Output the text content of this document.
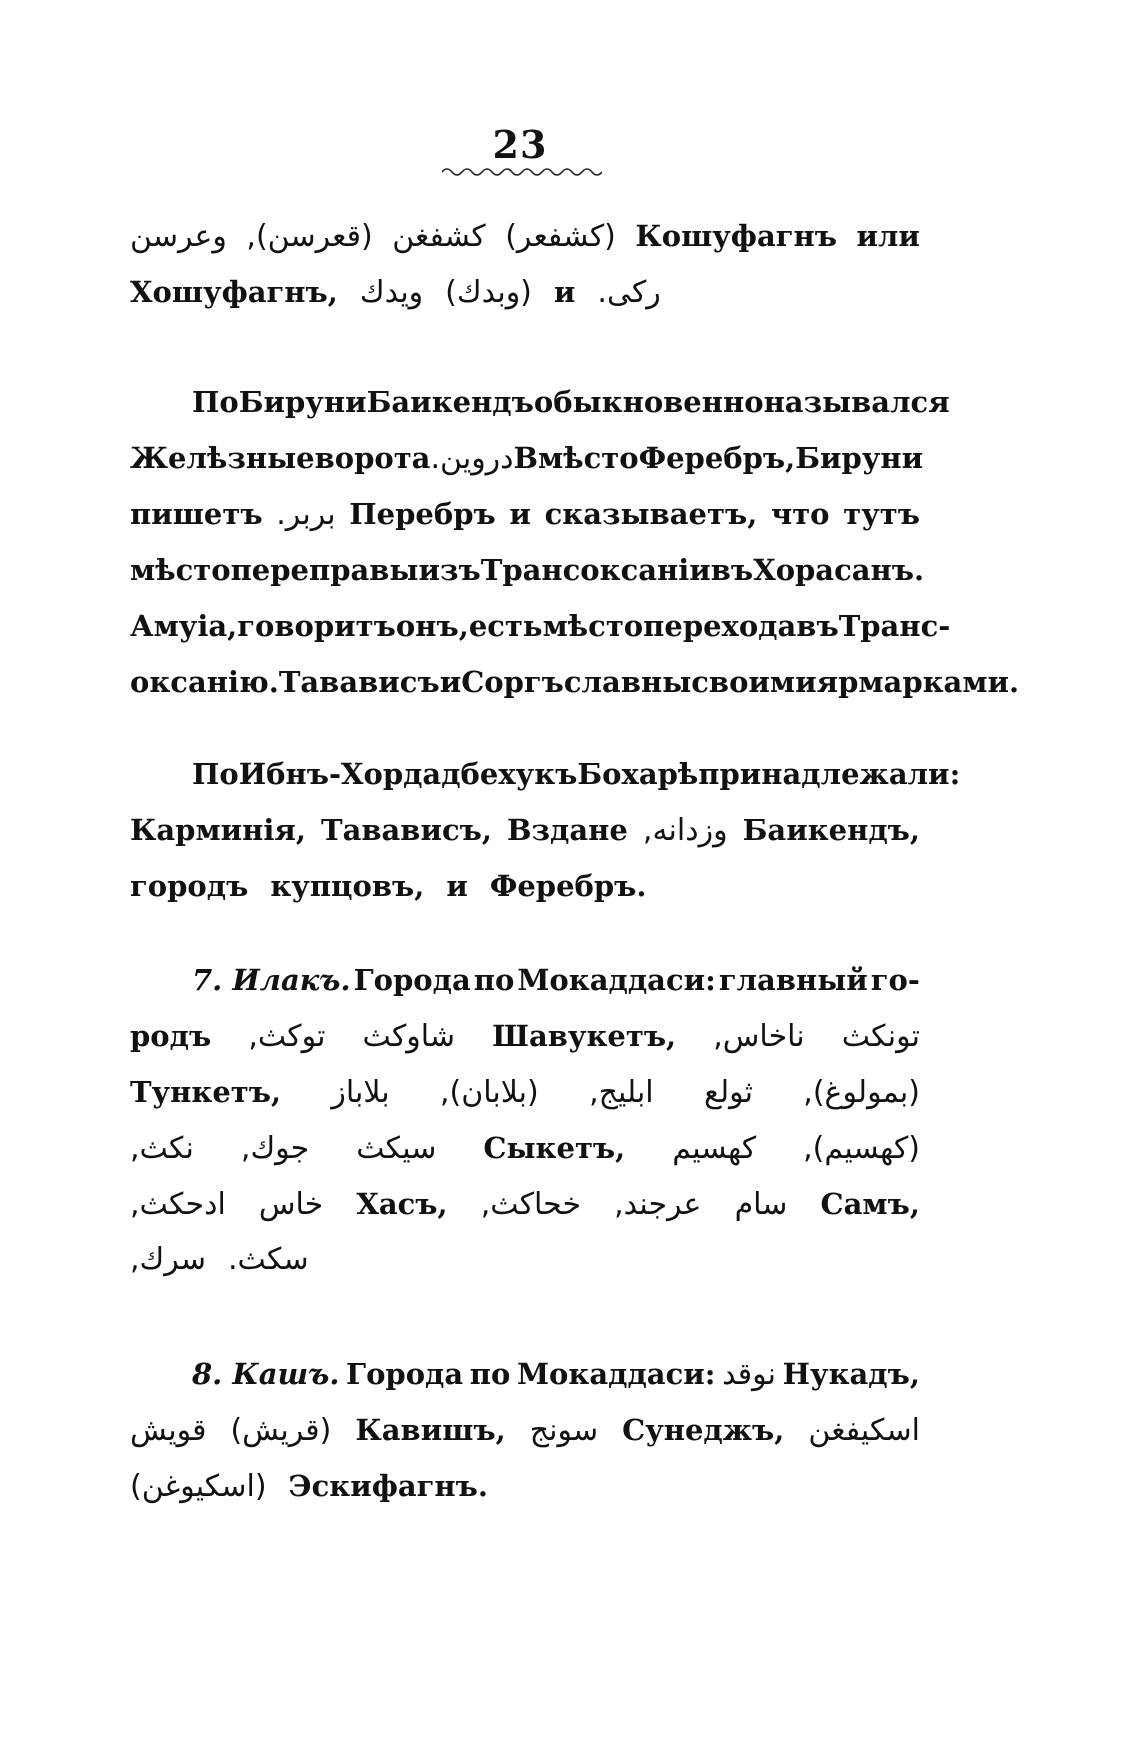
23
وعرسن (قعرسن), كشفغن (كشفعر) Кошуфагнъ или
Хошуфагнъ, ويدك (وبدك) и ركى.
По Бируни Баикендъ обыкновенно назывался
Желѣзные ворота دروين. Вмѣсто Феребръ, Бируни
пишетъ بربر. Перебръ и сказываетъ, что тутъ
мѣсто переправы изъ Трансоксаніи въ Хорасанъ.
Амуіа, говоритъ онъ, есть мѣсто перехода въ Транс-
оксанію. Тавависъ и Соргъ славны своими ярмарками.
По Ибнъ-Хордадбеху къ Бохарѣ принадлежали:
Карминія, Тавависъ, Вздане وزدانه, Баикендъ,
городъ купцовъ, и Феребръ.
7. Илакъ. Города по Мокаддаси: главный го-
родъ توكث, شاوكث Шавукетъ, ناخاس, تونكث
Тункетъ, بلاباز (بلابان), ابليج, ثولع (بمولوغ),
نكث, جوك, سيكث Сыкетъ, كهسيم (كهسيم),
ادحكث, خاس Хасъ, خحاكث, عرجند, سام Самъ,
سرك, سكث.
8. Кашъ. Города по Мокаддаси: نوقد Нукадъ,
قويش (قريش) Кавишъ, سونج Сунеджъ, اسكيفغن
(اسكيوغن) Эскифагнъ.
